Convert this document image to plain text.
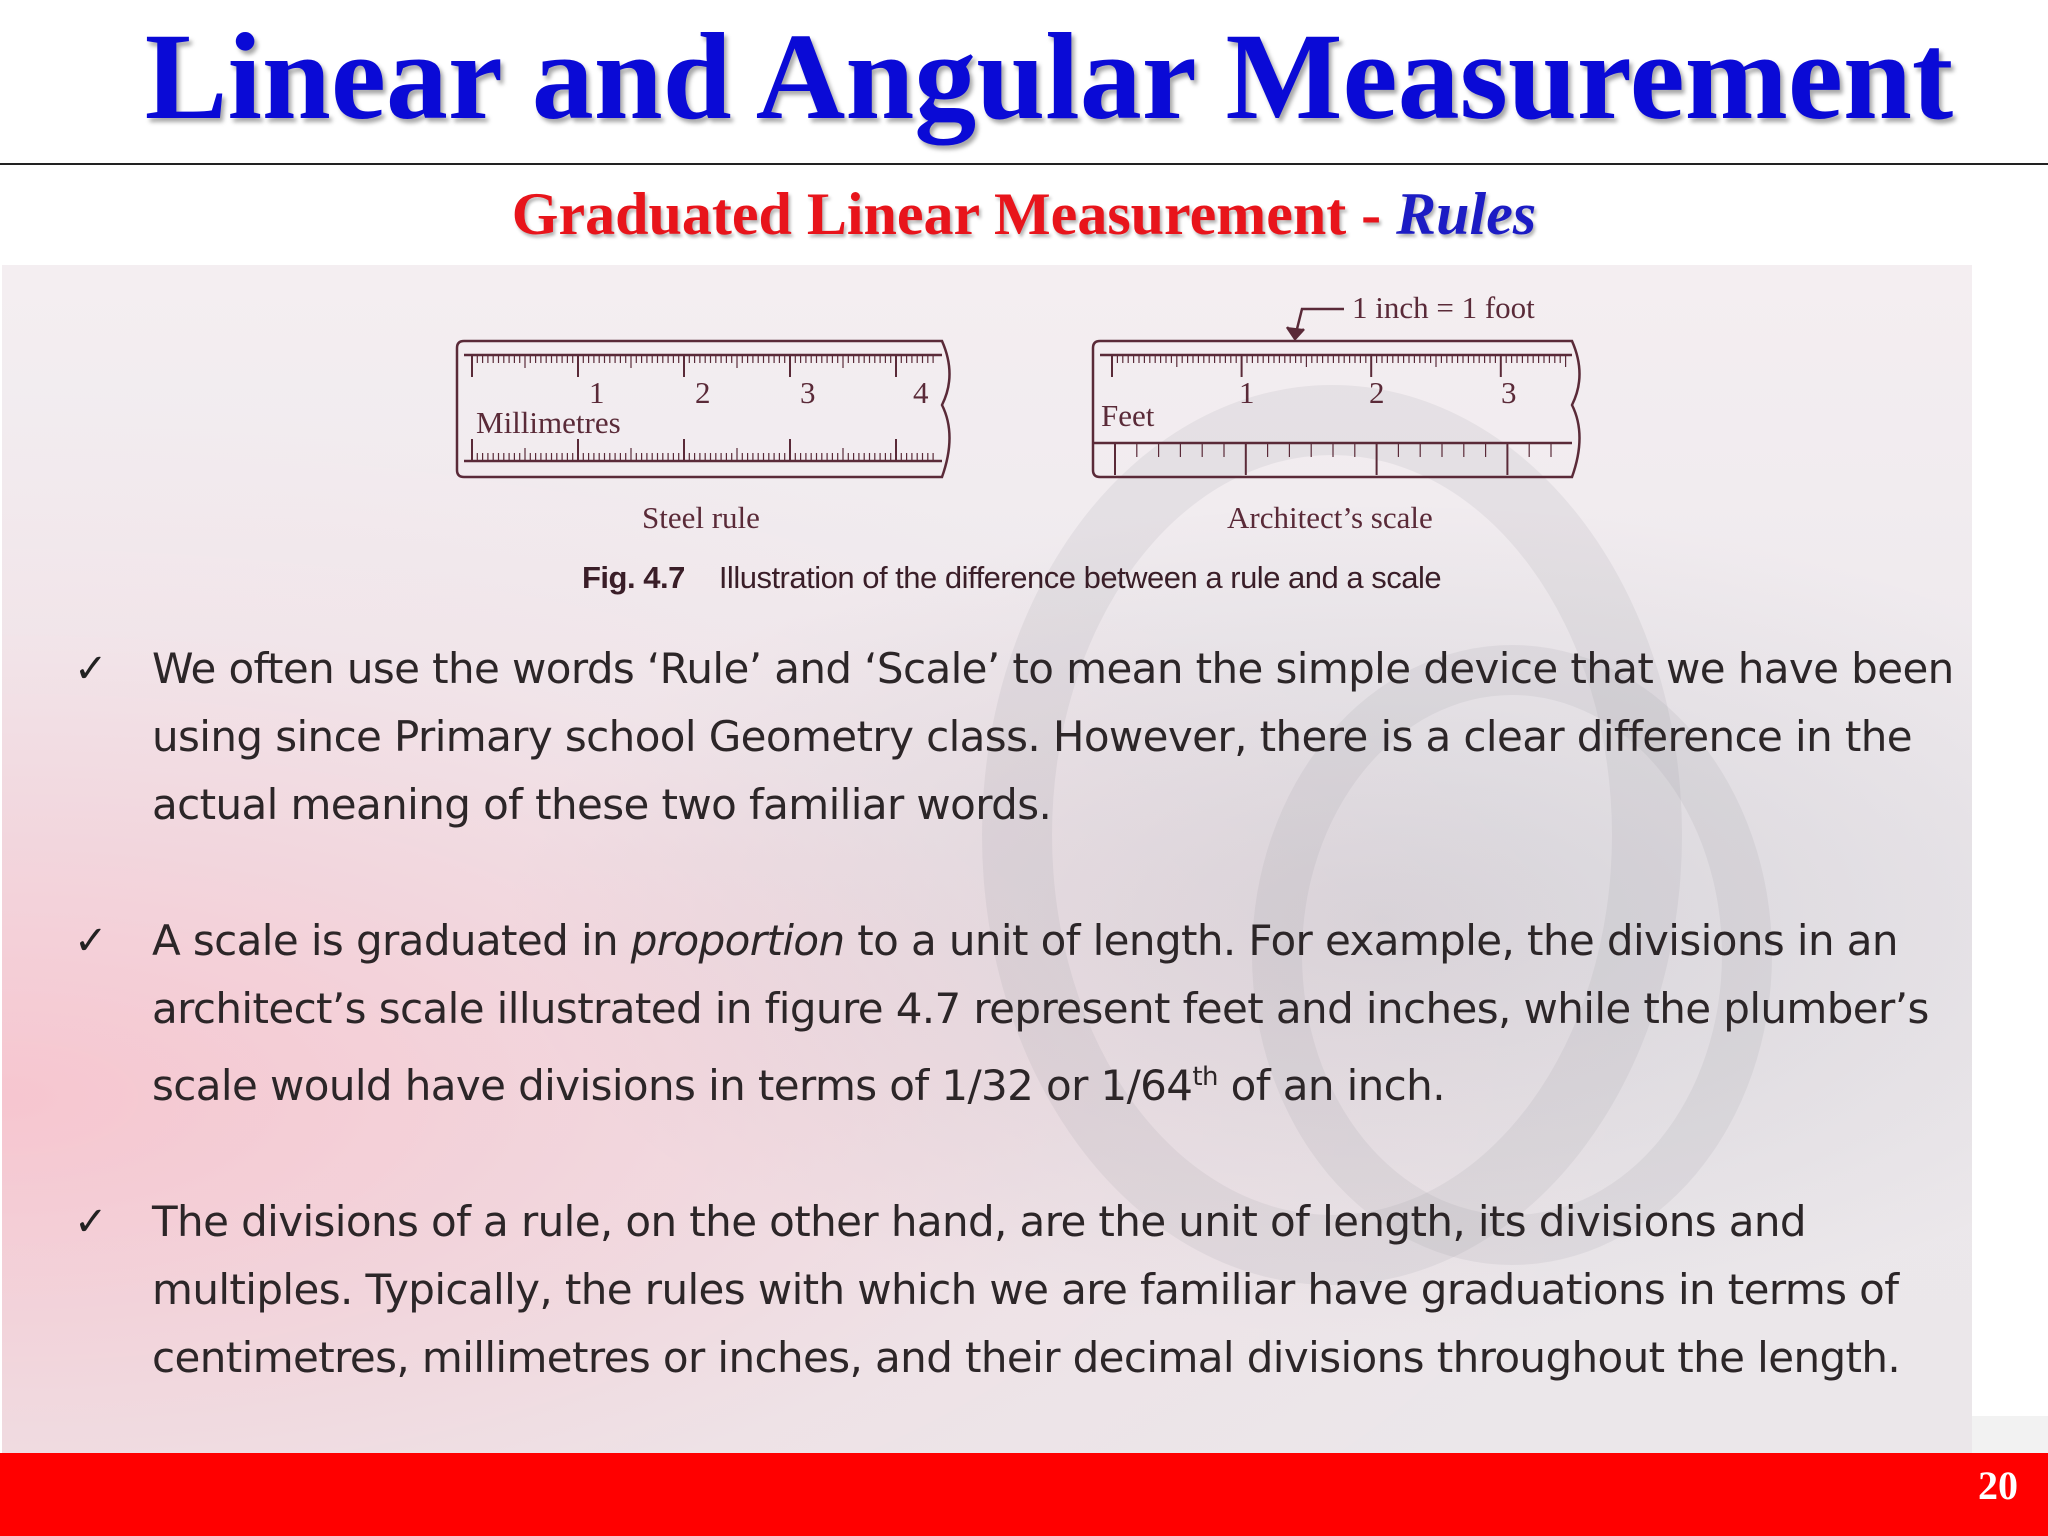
Linear and Angular Measurement
Graduated Linear Measurement - Rules
1	2	3	4
Millimetres
Steel rule
1	2	3
Feet
1 inch = 1 foot
Architect’s scale
Fig. 4.7 Illustration of the difference between a rule and a scale
✓ We often use the words ‘Rule’ and ‘Scale’ to mean the simple device that we have been using since Primary school Geometry class. However, there is a clear difference in the actual meaning of these two familiar words.
✓ A scale is graduated in proportion to a unit of length. For example, the divisions in an architect’s scale illustrated in figure 4.7 represent feet and inches, while the plumber’s scale would have divisions in terms of 1/32 or 1/64th of an inch.
✓ The divisions of a rule, on the other hand, are the unit of length, its divisions and multiples. Typically, the rules with which we are familiar have graduations in terms of centimetres, millimetres or inches, and their decimal divisions throughout the length.
20
